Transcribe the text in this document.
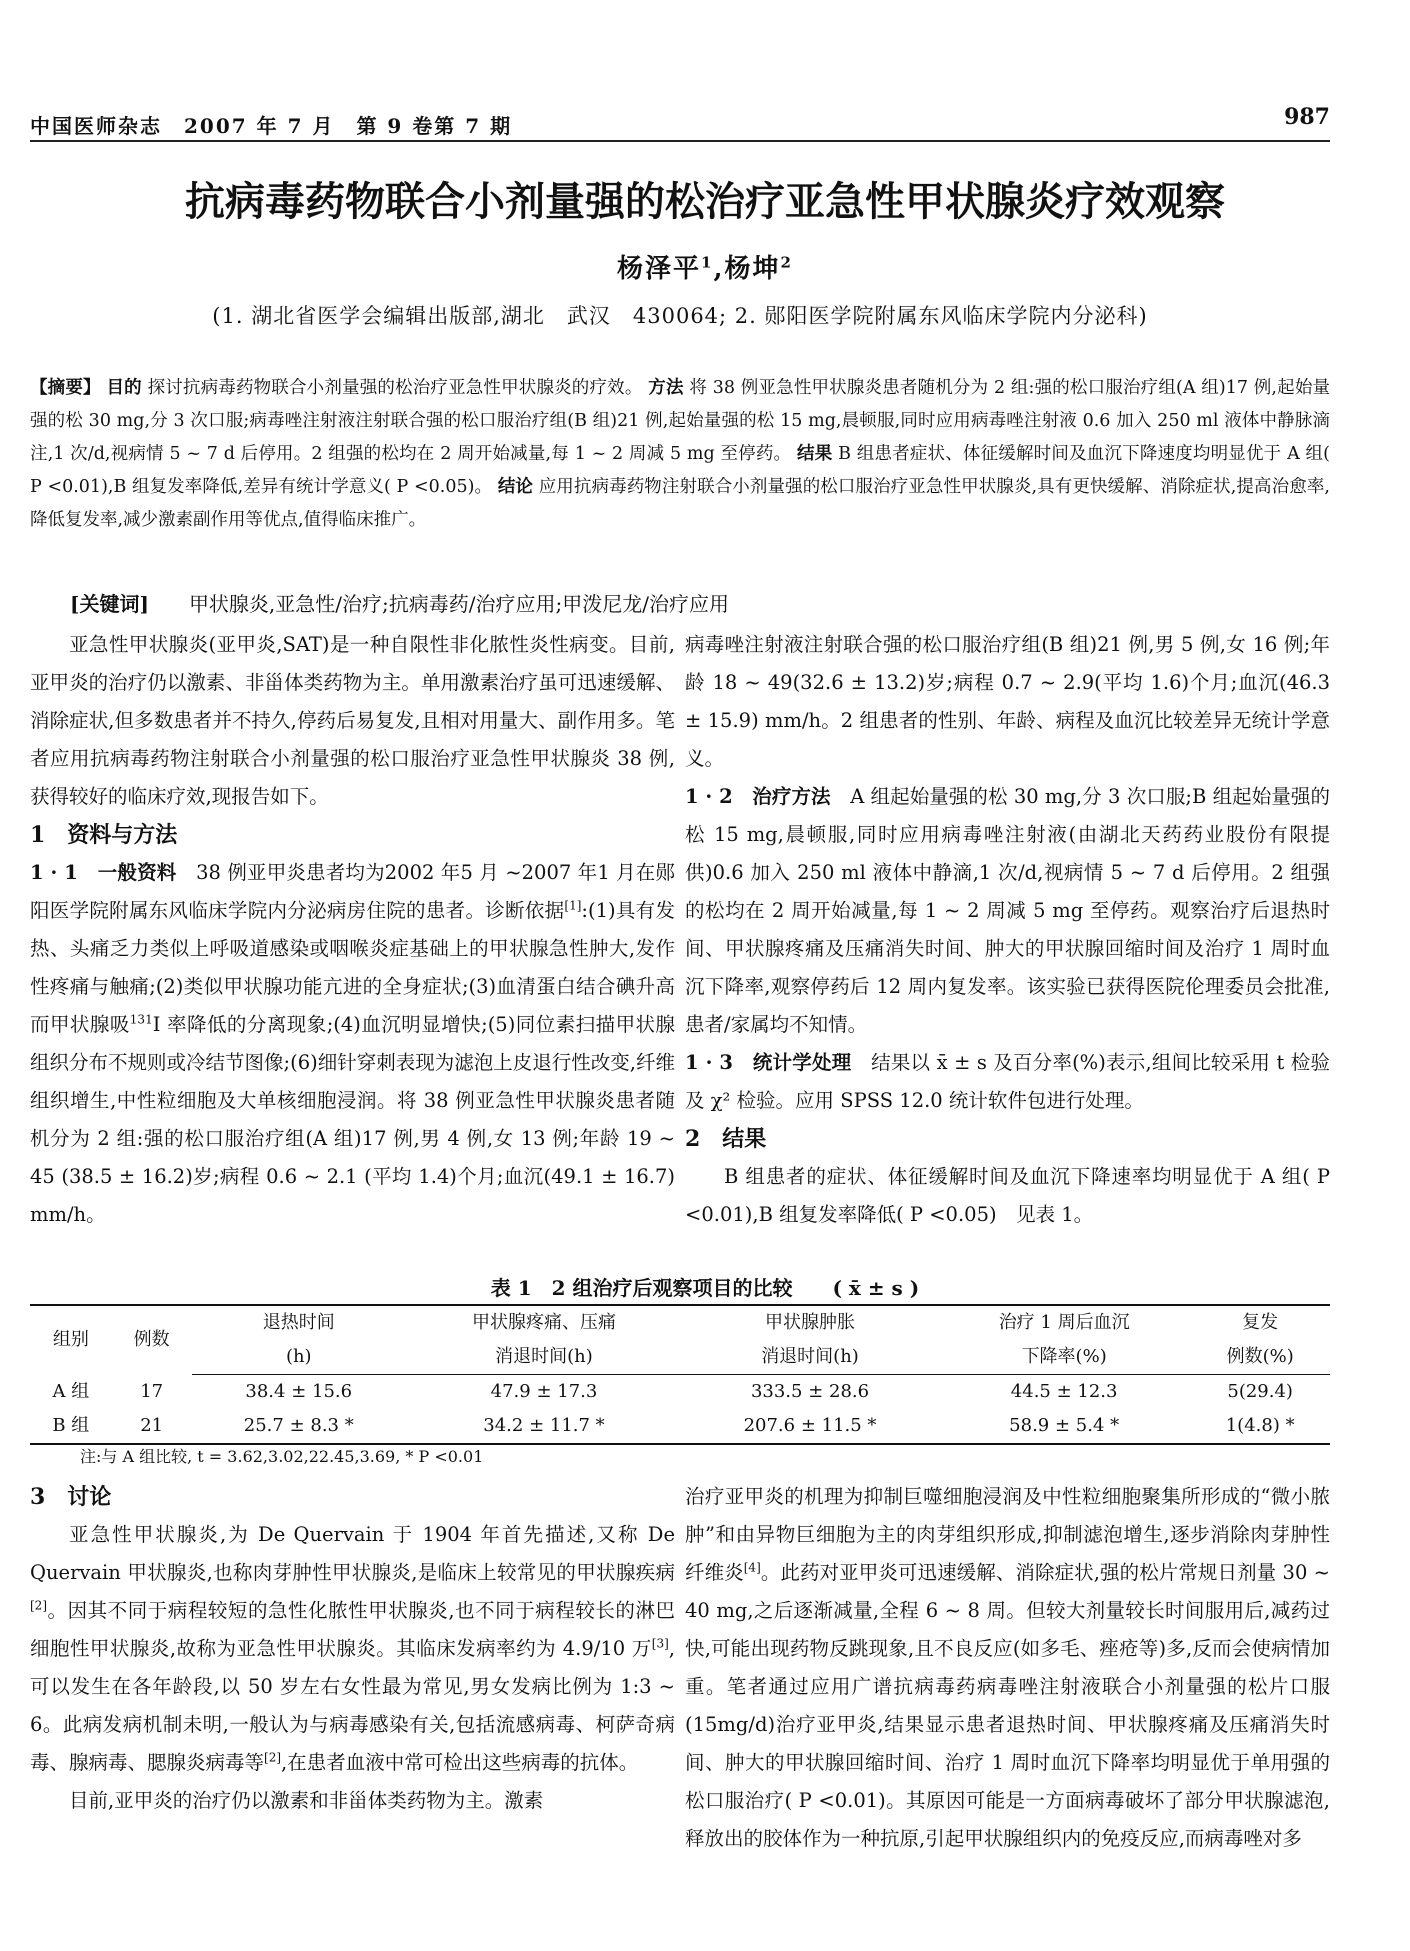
中国医师杂志　2007 年 7 月　第 9 卷第 7 期	987
抗病毒药物联合小剂量强的松治疗亚急性甲状腺炎疗效观察
杨泽平$^1$,杨坤$^2$
(1. 湖北省医学会编辑出版部,湖北　武汉　430064; 2. 郧阳医学院附属东风临床学院内分泌科)
【摘要】 目的 探讨抗病毒药物联合小剂量强的松治疗亚急性甲状腺炎的疗效。 方法 将 38 例亚急性甲状腺炎患者随机分为 2 组:强的松口服治疗组(A 组)17 例,起始量强的松 30 mg,分 3 次口服;病毒唑注射液注射联合强的松口服治疗组(B 组)21 例,起始量强的松 15 mg,晨顿服,同时应用病毒唑注射液 0.6 加入 250 ml 液体中静脉滴注,1 次/d,视病情 5 ~ 7 d 后停用。2 组强的松均在 2 周开始减量,每 1 ~ 2 周减 5 mg 至停药。 结果 B 组患者症状、体征缓解时间及血沉下降速度均明显优于 A 组( P <0.01),B 组复发率降低,差异有统计学意义( P <0.05)。 结论 应用抗病毒药物注射联合小剂量强的松口服治疗亚急性甲状腺炎,具有更快缓解、消除症状,提高治愈率,降低复发率,减少激素副作用等优点,值得临床推广。
[关键词] 甲状腺炎,亚急性/治疗;抗病毒药/治疗应用;甲泼尼龙/治疗应用

亚急性甲状腺炎(亚甲炎,SAT)是一种自限性非化脓性炎性病变。目前,亚甲炎的治疗仍以激素、非甾体类药物为主。单用激素治疗虽可迅速缓解、消除症状,但多数患者并不持久,停药后易复发,且相对用量大、副作用多。笔者应用抗病毒药物注射联合小剂量强的松口服治疗亚急性甲状腺炎 38 例,获得较好的临床疗效,现报告如下。

1　资料与方法

1 · 1　一般资料　 38 例亚甲炎患者均为2002 年5 月 ~2007 年1 月在郧阳医学院附属东风临床学院内分泌病房住院的患者。诊断依据[1]:(1)具有发热、头痛乏力类似上呼吸道感染或咽喉炎症基础上的甲状腺急性肿大,发作性疼痛与触痛;(2)类似甲状腺功能亢进的全身症状;(3)血清蛋白结合碘升高而甲状腺吸$^{131}$I 率降低的分离现象;(4)血沉明显增快;(5)同位素扫描甲状腺组织分布不规则或冷结节图像;(6)细针穿刺表现为滤泡上皮退行性改变,纤维组织增生,中性粒细胞及大单核细胞浸润。将 38 例亚急性甲状腺炎患者随机分为 2 组:强的松口服治疗组(A 组)17 例,男 4 例,女 13 例;年龄 19 ~ 45 (38.5 ± 16.2)岁;病程 0.6 ~ 2.1 (平均 1.4)个月;血沉(49.1 ± 16.7) mm/h。

病毒唑注射液注射联合强的松口服治疗组(B 组)21 例,男 5 例,女 16 例;年龄 18 ~ 49(32.6 ± 13.2)岁;病程 0.7 ~ 2.9(平均 1.6)个月;血沉(46.3 ± 15.9) mm/h。2 组患者的性别、年龄、病程及血沉比较差异无统计学意义。

1 · 2　治疗方法　 A 组起始量强的松 30 mg,分 3 次口服;B 组起始量强的松 15 mg,晨顿服,同时应用病毒唑注射液(由湖北天药药业股份有限提供)0.6 加入 250 ml 液体中静滴,1 次/d,视病情 5 ~ 7 d 后停用。2 组强的松均在 2 周开始减量,每 1 ~ 2 周减 5 mg 至停药。观察治疗后退热时间、甲状腺疼痛及压痛消失时间、肿大的甲状腺回缩时间及治疗 1 周时血沉下降率,观察停药后 12 周内复发率。该实验已获得医院伦理委员会批准,患者/家属均不知情。

1 · 3　统计学处理　 结果以 x̄ ± s 及百分率(%)表示,组间比较采用 t 检验及 χ² 检验。应用 SPSS 12.0 统计软件包进行处理。

2　结果

B 组患者的症状、体征缓解时间及血沉下降速率均明显优于 A 组( P <0.01),B 组复发率降低( P <0.05)　见表 1。

表 1　2 组治疗后观察项目的比较　　( x̄ ± s )
组别	例数	退热时间	甲状腺疼痛、压痛	甲状腺肿胀	治疗 1 周后血沉	复发
		(h)	消退时间(h)	消退时间(h)	下降率(%)	例数(%)
A 组	17	38.4 ± 15.6	47.9 ± 17.3	333.5 ± 28.6	44.5 ± 12.3	5(29.4)
B 组	21	25.7 ± 8.3 *	34.2 ± 11.7 *	207.6 ± 11.5 *	58.9 ± 5.4 *	1(4.8) *
注:与 A 组比较, t = 3.62,3.02,22.45,3.69, * P <0.01

3　讨论

亚急性甲状腺炎,为 De Quervain 于 1904 年首先描述,又称 De Quervain 甲状腺炎,也称肉芽肿性甲状腺炎,是临床上较常见的甲状腺疾病[2]。因其不同于病程较短的急性化脓性甲状腺炎,也不同于病程较长的淋巴细胞性甲状腺炎,故称为亚急性甲状腺炎。其临床发病率约为 4.9/10 万[3],可以发生在各年龄段,以 50 岁左右女性最为常见,男女发病比例为 1:3 ~ 6。此病发病机制未明,一般认为与病毒感染有关,包括流感病毒、柯萨奇病毒、腺病毒、腮腺炎病毒等[2],在患者血液中常可检出这些病毒的抗体。

目前,亚甲炎的治疗仍以激素和非甾体类药物为主。激素

治疗亚甲炎的机理为抑制巨噬细胞浸润及中性粒细胞聚集所形成的“微小脓肿”和由异物巨细胞为主的肉芽组织形成,抑制滤泡增生,逐步消除肉芽肿性纤维炎[4]。此药对亚甲炎可迅速缓解、消除症状,强的松片常规日剂量 30 ~ 40 mg,之后逐渐减量,全程 6 ~ 8 周。但较大剂量较长时间服用后,减药过快,可能出现药物反跳现象,且不良反应(如多毛、痤疮等)多,反而会使病情加重。笔者通过应用广谱抗病毒药病毒唑注射液联合小剂量强的松片口服(15mg/d)治疗亚甲炎,结果显示患者退热时间、甲状腺疼痛及压痛消失时间、肿大的甲状腺回缩时间、治疗 1 周时血沉下降率均明显优于单用强的松口服治疗( P <0.01)。其原因可能是一方面病毒破坏了部分甲状腺滤泡,释放出的胶体作为一种抗原,引起甲状腺组织内的免疫反应,而病毒唑对多
